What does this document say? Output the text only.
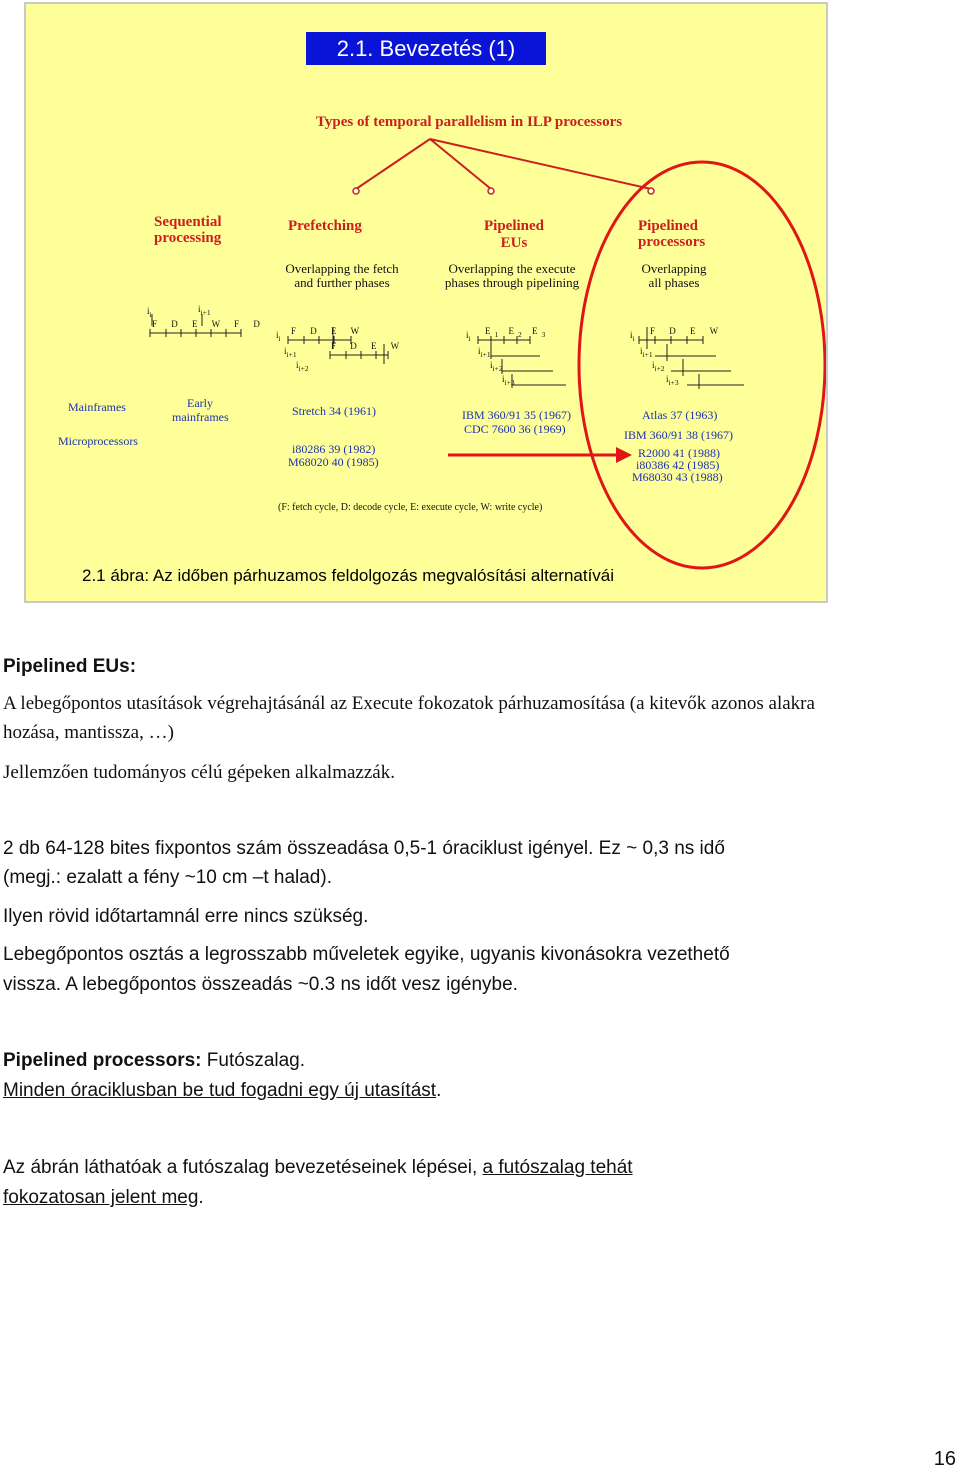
2.1. Bevezetés (1)
Types of temporal parallelism in ILP processors
Sequential
processing
Prefetching	Pipelined
EUs
Pipelined
processors
Overlapping the fetch
and further phases
Overlapping the execute
phases through pipelining
Overlapping
all phases
$i_i$
$i_{i+1}$
F D E W F D
$i_i$
F D E W
$i_{i+1}$
F D E W
$i_{i+2}$
$i_i$
$E_1$ $E_2$ $E_3$
$i_{i+1}$
$i_{i+2}$
$i_{i+3}$
$i_i$
F D E W
$i_{i+1}$
$i_{i+2}$
$i_{i+3}$
Mainframes
Microprocessors
Early
mainframes	Stretch 34 (1961)
i80286 39 (1982)
M68020 40 (1985)
IBM 360/91 35 (1967)
CDC 7600 36 (1969)
Atlas 37 (1963)
IBM 360/91 38 (1967)
R2000 41 (1988)
i80386 42 (1985)
M68030 43 (1988)
(F: fetch cycle, D: decode cycle, E: execute cycle, W: write cycle)
2.1 ábra: Az időben párhuzamos feldolgozás megvalósítási alternatívái
Pipelined EUs:
A lebegőpontos utasítások végrehajtásánál az Execute fokozatok párhuzamosítása (a kitevők azonos alakra hozása, mantissza, …)
Jellemzően tudományos célú gépeken alkalmazzák.
2 db 64-128 bites fixpontos szám összeadása 0,5-1 óraciklust igényel. Ez ~ 0,3 ns idő
(megj.: ezalatt a fény ~10 cm –t halad).
Ilyen rövid időtartamnál erre nincs szükség.
Lebegőpontos osztás a legrosszabb műveletek egyike, ugyanis kivonásokra vezethető
vissza. A lebegőpontos összeadás ~0.3 ns időt vesz igénybe.
Pipelined processors: Futószalag.
Minden óraciklusban be tud fogadni egy új utasítást.
Az ábrán láthatóak a futószalag bevezetéseinek lépései, a futószalag tehát
fokozatosan jelent meg.
16
